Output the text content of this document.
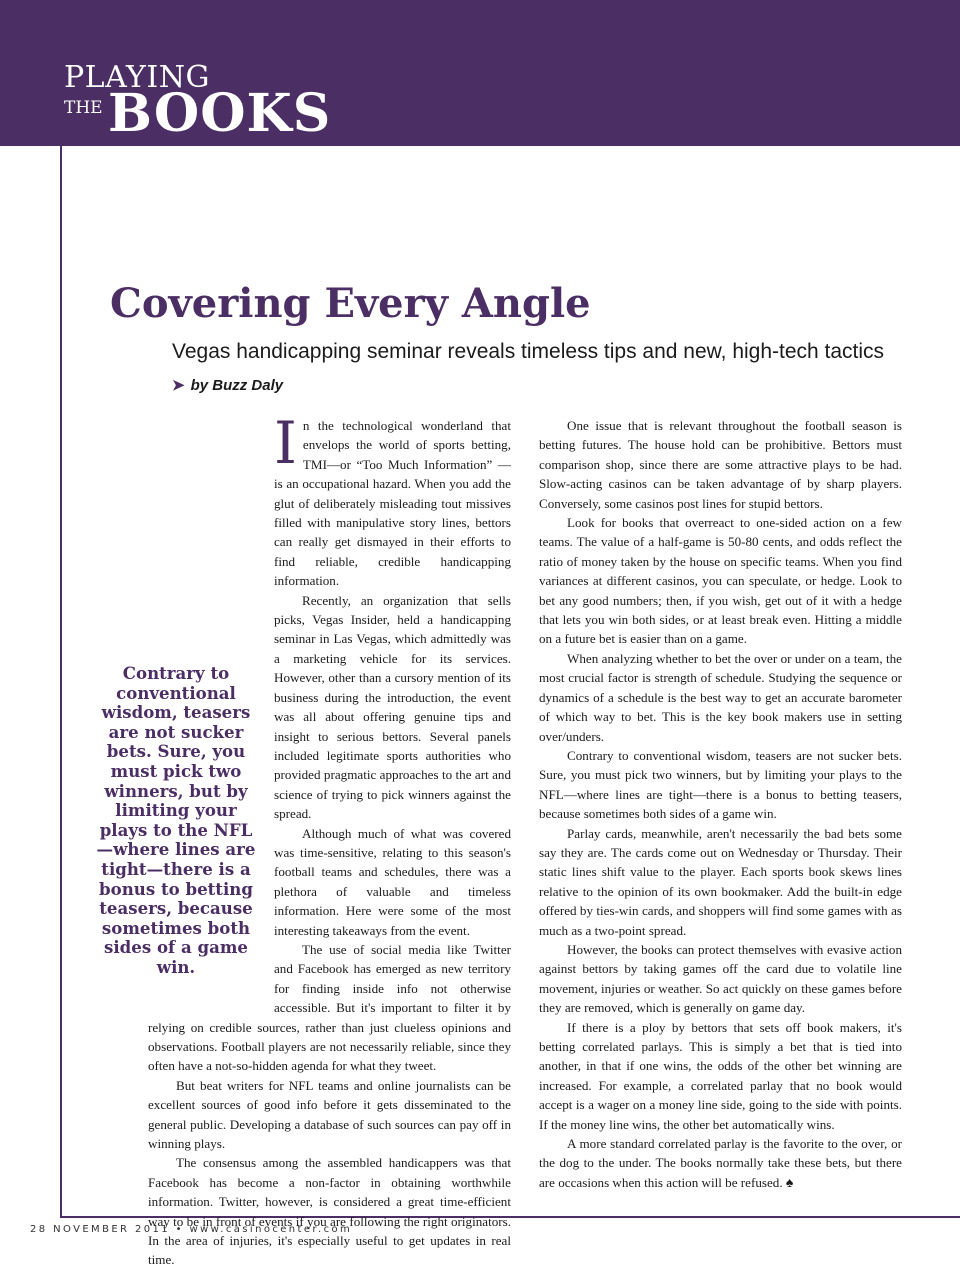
PLAYING
THE BOOKS
Covering Every Angle
Vegas handicapping seminar reveals timeless tips and new, high-tech tactics
➤ by Buzz Daly

In the technological wonderland that envelops the world of sports betting, TMI—or “Too Much Information” — is an occupational hazard. When you add the glut of deliberately misleading tout missives filled with manipulative story lines, bettors can really get dismayed in their efforts to find reliable, credible handicapping information.

Recently, an organization that sells picks, Vegas Insider, held a handicapping seminar in Las Vegas, which admittedly was a marketing vehicle for its services. However, other than a cursory mention of its business during the introduction, the event was all about offering genuine tips and insight to serious bettors. Several panels included legitimate sports authorities who provided pragmatic approaches to the art and science of trying to pick winners against the spread.

Although much of what was covered was time-sensitive, relating to this season's football teams and schedules, there was a plethora of valuable and timeless information. Here were some of the most interesting takeaways from the event.

The use of social media like Twitter and Facebook has emerged as new territory for finding inside info not otherwise accessible. But it's important to filter it by relying on credible sources, rather than just clueless opinions and observations. Football players are not necessarily reliable, since they often have a not-so-hidden agenda for what they tweet.

But beat writers for NFL teams and online journalists can be excellent sources of good info before it gets disseminated to the general public. Developing a database of such sources can pay off in winning plays.

The consensus among the assembled handicappers was that Facebook has become a non-factor in obtaining worthwhile information. Twitter, however, is considered a great time-efficient way to be in front of events if you are following the right originators. In the area of injuries, it's especially useful to get updates in real time.

Contrary to conventional wisdom, teasers are not sucker bets. Sure, you must pick two winners, but by limiting your plays to the NFL—where lines are tight—there is a bonus to betting teasers, because sometimes both sides of a game win.

One issue that is relevant throughout the football season is betting futures. The house hold can be prohibitive. Bettors must comparison shop, since there are some attractive plays to be had. Slow-acting casinos can be taken advantage of by sharp players. Conversely, some casinos post lines for stupid bettors.

Look for books that overreact to one-sided action on a few teams. The value of a half-game is 50-80 cents, and odds reflect the ratio of money taken by the house on specific teams. When you find variances at different casinos, you can speculate, or hedge. Look to bet any good numbers; then, if you wish, get out of it with a hedge that lets you win both sides, or at least break even. Hitting a middle on a future bet is easier than on a game.

When analyzing whether to bet the over or under on a team, the most crucial factor is strength of schedule. Studying the sequence or dynamics of a schedule is the best way to get an accurate barometer of which way to bet. This is the key book makers use in setting over/unders.

Contrary to conventional wisdom, teasers are not sucker bets. Sure, you must pick two winners, but by limiting your plays to the NFL—where lines are tight—there is a bonus to betting teasers, because sometimes both sides of a game win.

Parlay cards, meanwhile, aren't necessarily the bad bets some say they are. The cards come out on Wednesday or Thursday. Their static lines shift value to the player. Each sports book skews lines relative to the opinion of its own bookmaker. Add the built-in edge offered by ties-win cards, and shoppers will find some games with as much as a two-point spread.

However, the books can protect themselves with evasive action against bettors by taking games off the card due to volatile line movement, injuries or weather. So act quickly on these games before they are removed, which is generally on game day.

If there is a ploy by bettors that sets off book makers, it's betting correlated parlays. This is simply a bet that is tied into another, in that if one wins, the odds of the other bet winning are increased. For example, a correlated parlay that no book would accept is a wager on a money line side, going to the side with points. If the money line wins, the other bet automatically wins.

A more standard correlated parlay is the favorite to the over, or the dog to the under. The books normally take these bets, but there are occasions when this action will be refused. ♠

28 NOVEMBER 2011 • www.casinocenter.com
